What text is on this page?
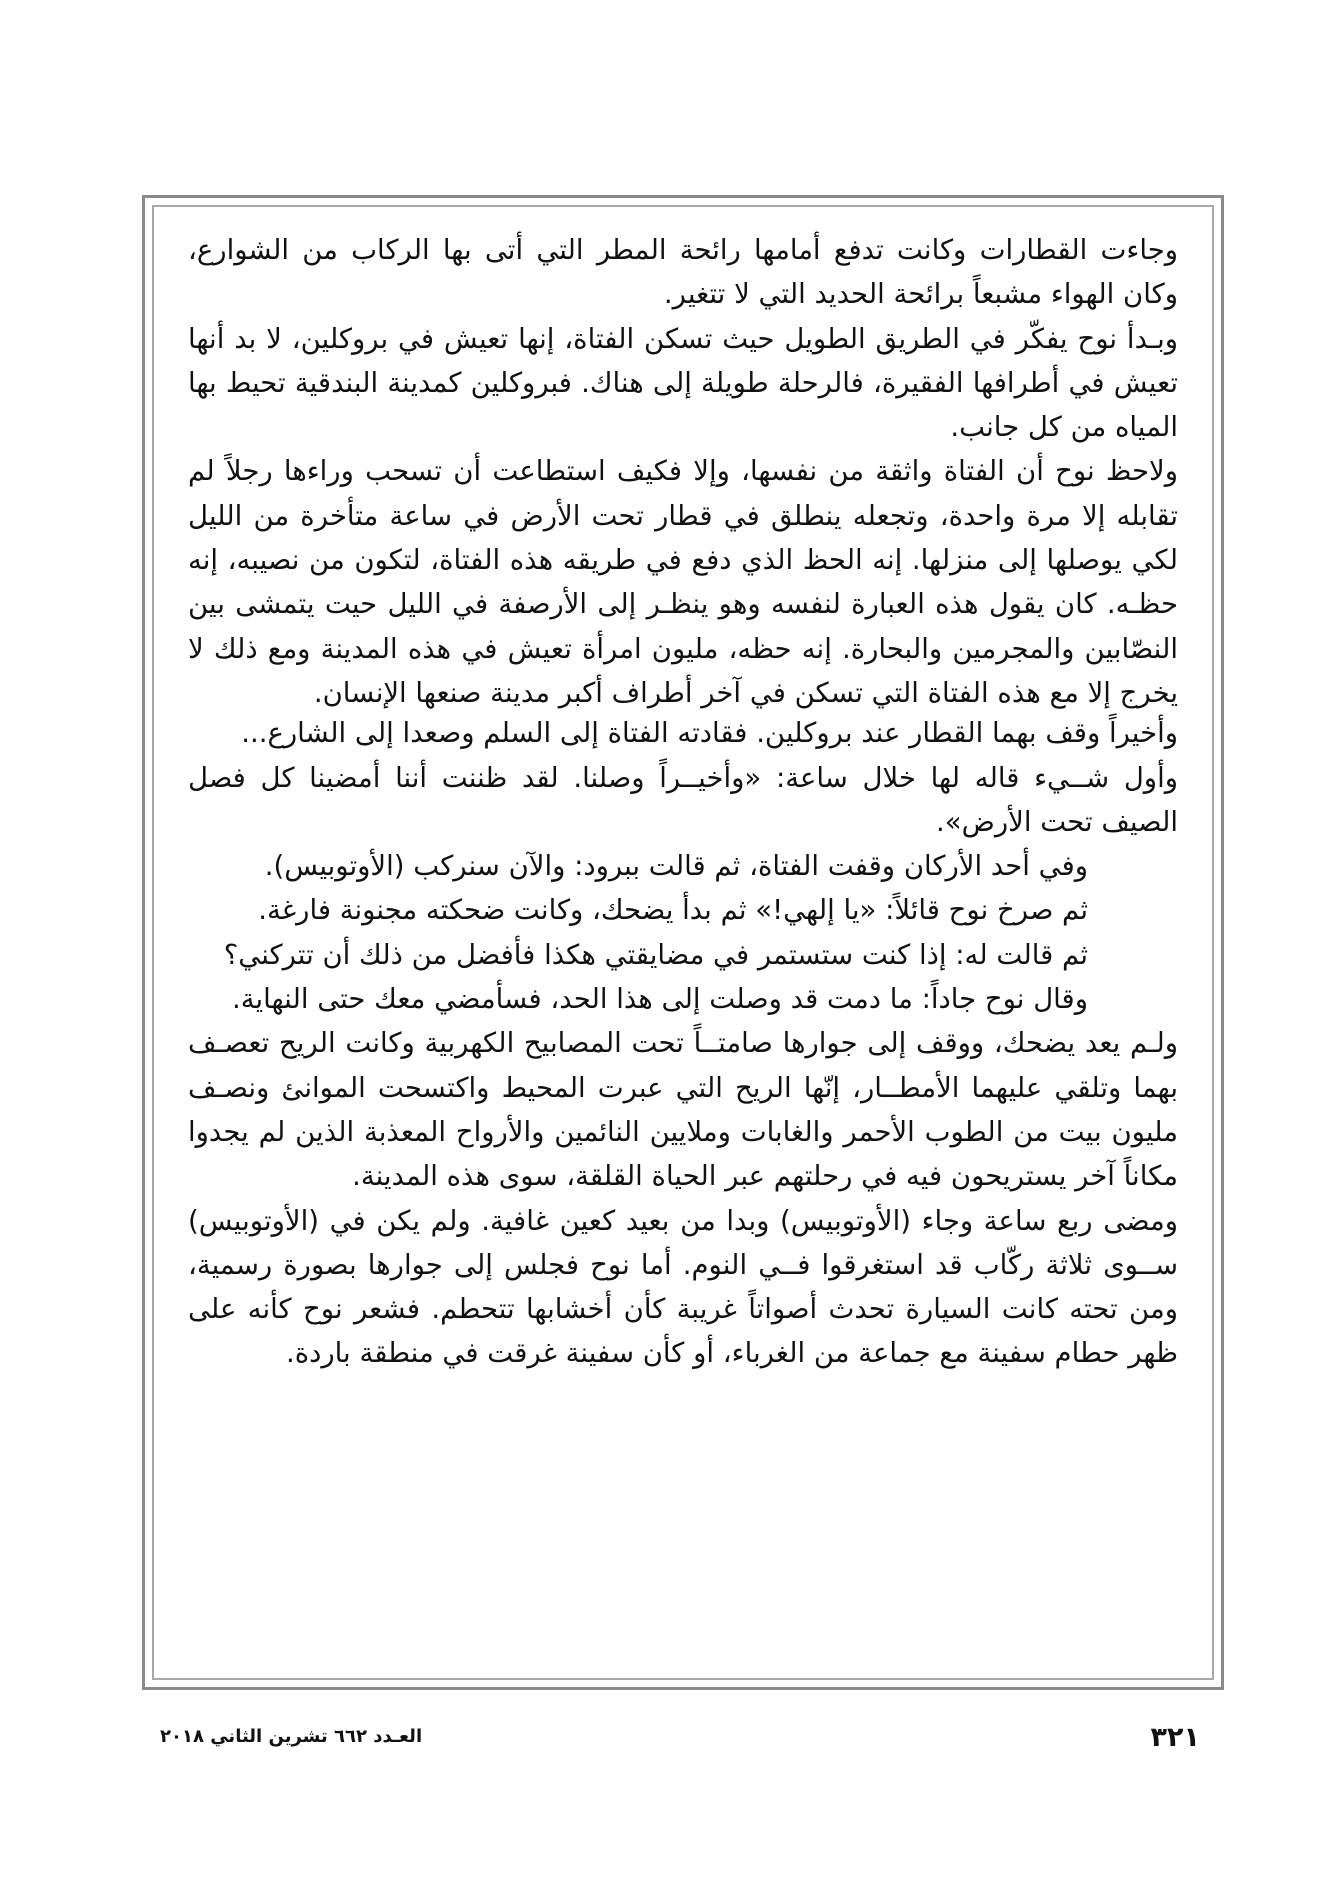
وجاءت القطارات وكانت تدفع أمامها رائحة المطر التي أتى بها الركاب من الشوارع، وكان الهواء مشبعاً برائحة الحديد التي لا تتغير.

وبـدأ نوح يفكّر في الطريق الطويل حيث تسكن الفتاة، إنها تعيش في بروكلين، لا بد أنها تعيش في أطرافها الفقيرة، فالرحلة طويلة إلى هناك. فبروكلين كمدينة البندقية تحيط بها المياه من كل جانب.

ولاحظ نوح أن الفتاة واثقة من نفسها، وإلا فكيف استطاعت أن تسحب وراءها رجلاً لم تقابله إلا مرة واحدة، وتجعله ينطلق في قطار تحت الأرض في ساعة متأخرة من الليل لكي يوصلها إلى منزلها. إنه الحظ الذي دفع في طريقه هذه الفتاة، لتكون من نصيبه، إنه حظـه. كان يقول هذه العبارة لنفسه وهو ينظـر إلى الأرصفة في الليل حيت يتمشى بين النصّابين والمجرمين والبحارة. إنه حظه، مليون امرأة تعيش في هذه المدينة ومع ذلك لا يخرج إلا مع هذه الفتاة التي تسكن في آخر أطراف أكبر مدينة صنعها الإنسان.

وأخيراً وقف بهما القطار عند بروكلين. فقادته الفتاة إلى السلم وصعدا إلى الشارع...

وأول شــيء قاله لها خلال ساعة: «وأخيــراً وصلنا. لقد ظننت أننا أمضينا كل فصل الصيف تحت الأرض».

وفي أحد الأركان وقفت الفتاة، ثم قالت ببرود: والآن سنركب (الأوتوبيس).

ثم صرخ نوح قائلاً: «يا إلهي!» ثم بدأ يضحك، وكانت ضحكته مجنونة فارغة.

ثم قالت له: إذا كنت ستستمر في مضايقتي هكذا فأفضل من ذلك أن تتركني؟

وقال نوح جاداً: ما دمت قد وصلت إلى هذا الحد، فسأمضي معك حتى النهاية.

ولـم يعد يضحك، ووقف إلى جوارها صامتــاً تحت المصابيح الكهربية وكانت الريح تعصـف بهما وتلقي عليهما الأمطــار، إنّها الريح التي عبرت المحيط واكتسحت الموانئ ونصـف مليون بيت من الطوب الأحمر والغابات وملايين النائمين والأرواح المعذبة الذين لم يجدوا مكاناً آخر يستريحون فيه في رحلتهم عبر الحياة القلقة، سوى هذه المدينة.

ومضى ربع ساعة وجاء (الأوتوبيس) وبدا من بعيد كعين غافية. ولم يكن في (الأوتوبيس) ســوى ثلاثة ركّاب قد استغرقوا فــي النوم. أما نوح فجلس إلى جوارها بصورة رسمية، ومن تحته كانت السيارة تحدث أصواتاً غريبة كأن أخشابها تتحطم. فشعر نوح كأنه على ظهر حطام سفينة مع جماعة من الغرباء، أو كأن سفينة غرقت في منطقة باردة.

٣٢١
العـدد ٦٦٢ تشرين الثاني ٢٠١٨
